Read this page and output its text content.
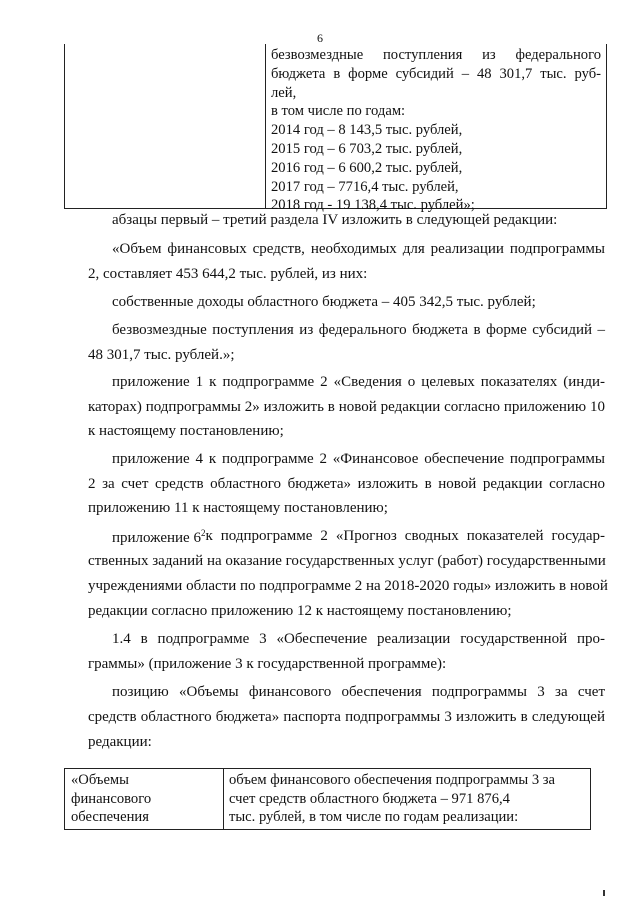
6
безвозмездные поступления из федерального
бюджета в форме субсидий – 48 301,7 тыс. руб-
лей,
в том числе по годам:
2014 год – 8 143,5 тыс. рублей,
2015 год – 6 703,2 тыс. рублей,
2016 год – 6 600,2 тыс. рублей,
2017 год – 7716,4 тыс. рублей,
2018 год - 19 138,4 тыс. рублей»;
абзацы первый – третий раздела IV изложить в следующей редакции:
«Объем финансовых средств, необходимых для реализации подпрограммы
2, составляет 453 644,2 тыс. рублей, из них:
собственные доходы областного бюджета – 405 342,5 тыс. рублей;
безвозмездные поступления из федерального бюджета в форме субсидий –
48 301,7 тыс. рублей.»;
приложение 1 к подпрограмме 2 «Сведения о целевых показателях (инди-
каторах) подпрограммы 2» изложить в новой редакции согласно приложению 10
к настоящему постановлению;
приложение 4 к подпрограмме 2 «Финансовое обеспечение подпрограммы
2 за счет средств областного бюджета» изложить в новой редакции согласно
приложению 11 к настоящему постановлению;
приложение $6^2$ к подпрограмме 2 «Прогноз сводных показателей государ-
ственных заданий на оказание государственных услуг (работ) государственными
учреждениями области по подпрограмме 2 на 2018-2020 годы» изложить в новой
редакции согласно приложению 12 к настоящему постановлению;
1.4 в подпрограмме 3 «Обеспечение реализации государственной про-
граммы» (приложение 3 к государственной программе):
позицию «Объемы финансового обеспечения подпрограммы 3 за счет
средств областного бюджета» паспорта подпрограммы 3 изложить в следующей
редакции:
«Объемы
финансового
обеспечения
объем финансового обеспечения подпрограммы 3 за
счет средств областного бюджета – 971 876,4
тыс. рублей, в том числе по годам реализации:
